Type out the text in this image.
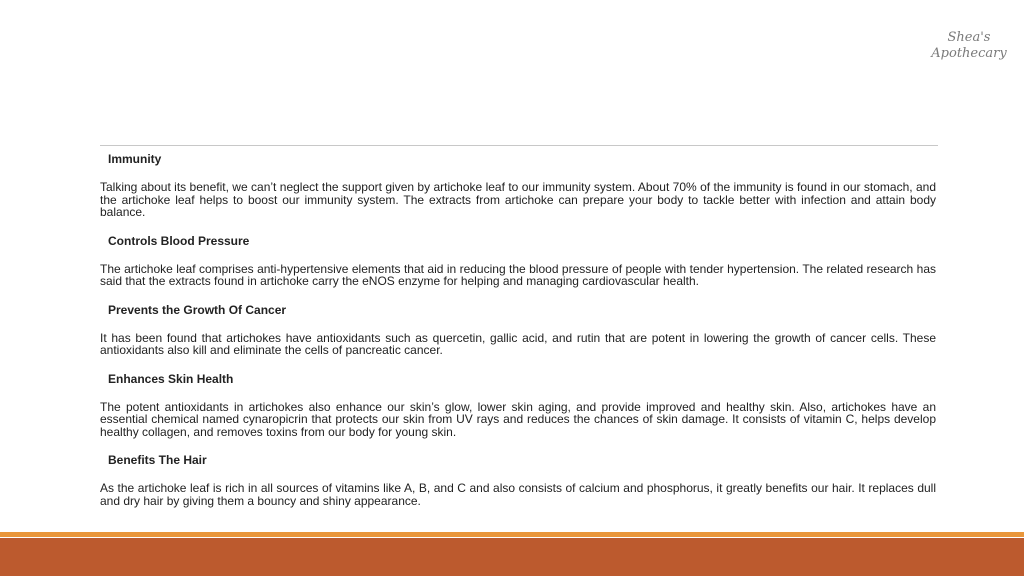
Shea's
Apothecary
Immunity
Talking about its benefit, we can’t neglect the support given by artichoke leaf to our immunity system. About 70% of the immunity is found in our stomach, and the artichoke leaf helps to boost our immunity system. The extracts from artichoke can prepare your body to tackle better with infection and attain body balance.
Controls Blood Pressure
The artichoke leaf comprises anti-hypertensive elements that aid in reducing the blood pressure of people with tender hypertension. The related research has said that the extracts found in artichoke carry the eNOS enzyme for helping and managing cardiovascular health.
Prevents the Growth Of Cancer
It has been found that artichokes have antioxidants such as quercetin, gallic acid, and rutin that are potent in lowering the growth of cancer cells. These antioxidants also kill and eliminate the cells of pancreatic cancer.
Enhances Skin Health
The potent antioxidants in artichokes also enhance our skin’s glow, lower skin aging, and provide improved and healthy skin. Also, artichokes have an essential chemical named cynaropicrin that protects our skin from UV rays and reduces the chances of skin damage. It consists of vitamin C, helps develop healthy collagen, and removes toxins from our body for young skin.
Benefits The Hair
As the artichoke leaf is rich in all sources of vitamins like A, B, and C and also consists of calcium and phosphorus, it greatly benefits our hair. It replaces dull and dry hair by giving them a bouncy and shiny appearance.
